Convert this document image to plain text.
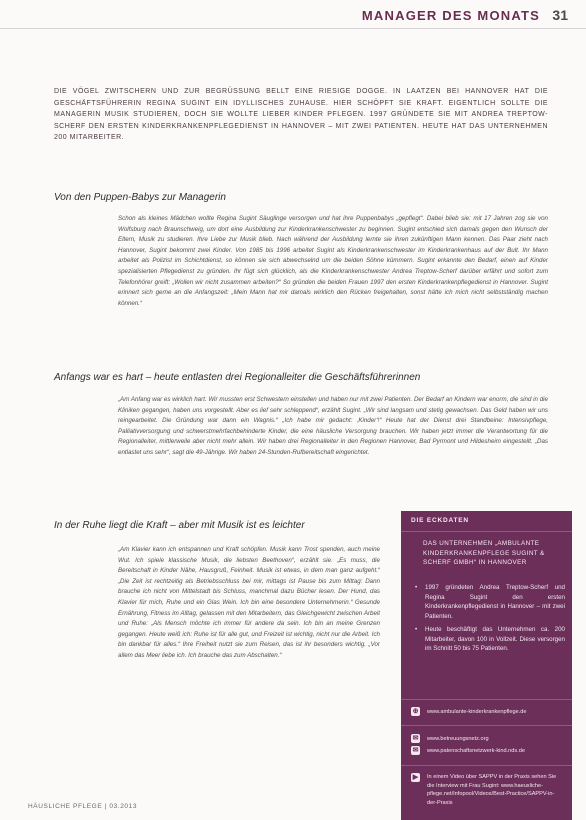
MANAGER DES MONATS 31
DIE VÖGEL ZWITSCHERN UND ZUR BEGRÜSSUNG BELLT EINE RIESIGE DOGGE. IN LAATZEN BEI HANNOVER HAT DIE GESCHÄFTSFÜHRERIN REGINA SUGINT EIN IDYLLISCHES ZUHAUSE. HIER SCHÖPFT SIE KRAFT. EIGENTLICH SOLLTE DIE MANAGERIN MUSIK STUDIEREN, DOCH SIE WOLLTE LIEBER KINDER PFLEGEN. 1997 GRÜNDETE SIE MIT ANDREA TREPTOW-SCHERF DEN ERSTEN KINDERKRANKENPFLEGEDIENST IN HANNOVER – MIT ZWEI PATIENTEN. HEUTE HAT DAS UNTERNEHMEN 200 MITARBEITER.
Von den Puppen-Babys zur Managerin
Schon als kleines Mädchen wollte Regina Sugint Säuglinge versorgen und hat ihre Puppenbabys „gepflegt“. Dabei blieb sie: mit 17 Jahren zog sie von Wolfsburg nach Braunschweig, um dort eine Ausbildung zur Kinderkrankenschwester zu beginnen. Sugint entschied sich damals gegen den Wunsch der Eltern, Musik zu studieren. Ihre Liebe zur Musik blieb. Nach während der Ausbildung lernte sie ihren zukünftigen Mann kennen. Das Paar zieht nach Hannover, Sugint bekommt zwei Kinder. Von 1985 bis 1996 arbeitet Sugint als Kinderkrankenschwester im Kinderkrankenhaus auf der Bult. Ihr Mann arbeitet als Polizist im Schichtdienst, so können sie sich abwechselnd um die beiden Söhne kümmern. Sugint erkannte den Bedarf, einen auf Kinder spezialisierten Pflegedienst zu gründen. Ihr fügt sich glücklich, als die Kinderkrankenschwester Andrea Treptow-Scherf darüber erfährt und sofort zum Telefonhörer greift: „Wollen wir nicht zusammen arbeiten?“ So gründen die beiden Frauen 1997 den ersten Kinderkrankenpflegedienst in Hannover. Sugint erinnert sich gerne an die Anfangszeit: „Mein Mann hat mir damals wirklich den Rücken freigehalten, sonst hätte ich mich nicht selbstständig machen können.“
Anfangs war es hart – heute entlasten drei Regionalleiter die Geschäftsführerinnen
„Am Anfang war es wirklich hart. Wir mussten erst Schwestern einstellen und haben nur mit zwei Patienten. Der Bedarf an Kindern war enorm, die sind in die Kliniken gegangen, haben uns vorgestellt. Aber es lief sehr schleppend“, erzählt Sugint. „Wir sind langsam und stetig gewachsen. Das Geld haben wir uns reingearbeitet. Die Gründung war dann ein Wagnis.“ „Ich habe mir gedacht: ‚Kinder‘!“ Heute hat der Dienst drei Standbeine: Intensivpflege, Palliativversorgung und schwerstmehrfachbehinderte Kinder, die eine häusliche Versorgung brauchen. Wir haben jetzt immer die Verantwortung für die Regionalleiter, mittlerweile aber nicht mehr allein. Wir haben drei Regionalleiter in den Regionen Hannover, Bad Pyrmont und Hildesheim eingestellt. „Das entlastet uns sehr“, sagt die 49-Jährige. Wir haben 24-Stunden-Rufbereitschaft eingerichtet.
In der Ruhe liegt die Kraft – aber mit Musik ist es leichter
„Am Klavier kann ich entspannen und Kraft schöpfen. Musik kann Trost spenden, auch meine Wut. Ich spiele klassische Musik, die liebsten Beethoven“, erzählt sie. „Es muss, die Bereitschaft in Kinder Nähe, Hausgruß, Feinheit. Musik ist etwas, in dem man ganz aufgeht.“ „Die Zeit ist rechtzeitig als Betriebsschluss bei mir, mittags ist Pause bis zum Mittag: Dann brauche ich nicht von Mittelstadt bis Schluss, manchmal dazu Bücher lesen. Der Hund, das Klavier für mich, Ruhe und ein Glas Wein. Ich bin eine besondere Unternehmerin.“ Gesunde Ernährung, Fitness im Alltag, gelassen mit den Mitarbeitern, das Gleichgewicht zwischen Arbeit und Ruhe: „Als Mensch möchte ich immer für andere da sein. Ich bin an meine Grenzen gegangen. Heute weiß ich: Ruhe ist für alle gut, und Freizeit ist wichtig, nicht nur die Arbeit. Ich bin dankbar für alles.“ Ihre Freiheit nutzt sie zum Reisen, das ist ihr besonders wichtig. „Vor allem das Meer liebe ich. Ich brauche das zum Abschalten.“
DIE ECKDATEN
DAS UNTERNEHMEN „AMBULANTE KINDERKRANKENPFLEGE SUGINT & SCHERF GMBH“ IN HANNOVER
• 1997 gründeten Andrea Treptow-Scherf und Regina Sugint den ersten Kinderkrankenpflegedienst in Hannover – mit zwei Patienten.
• Heute beschäftigt das Unternehmen ca. 200 Mitarbeiter, davon 100 in Vollzeit. Diese versorgen im Schnitt 50 bis 75 Patienten.
⊕ www.ambulante-kinderkrankenpflege.de
✉ www.betreuungsnetz.org
✉ www.patenschaftsnetzwerk-kind.nds.de
▶	In einem Video über SAPPV in der Praxis sehen Sie die Interview mit Frau Sugint: www.haeusliche-pflege.net/Infopool/Videos/Best-Practice/SAPPV-in-der-Praxis
HÄUSLICHE PFLEGE | 03.2013
